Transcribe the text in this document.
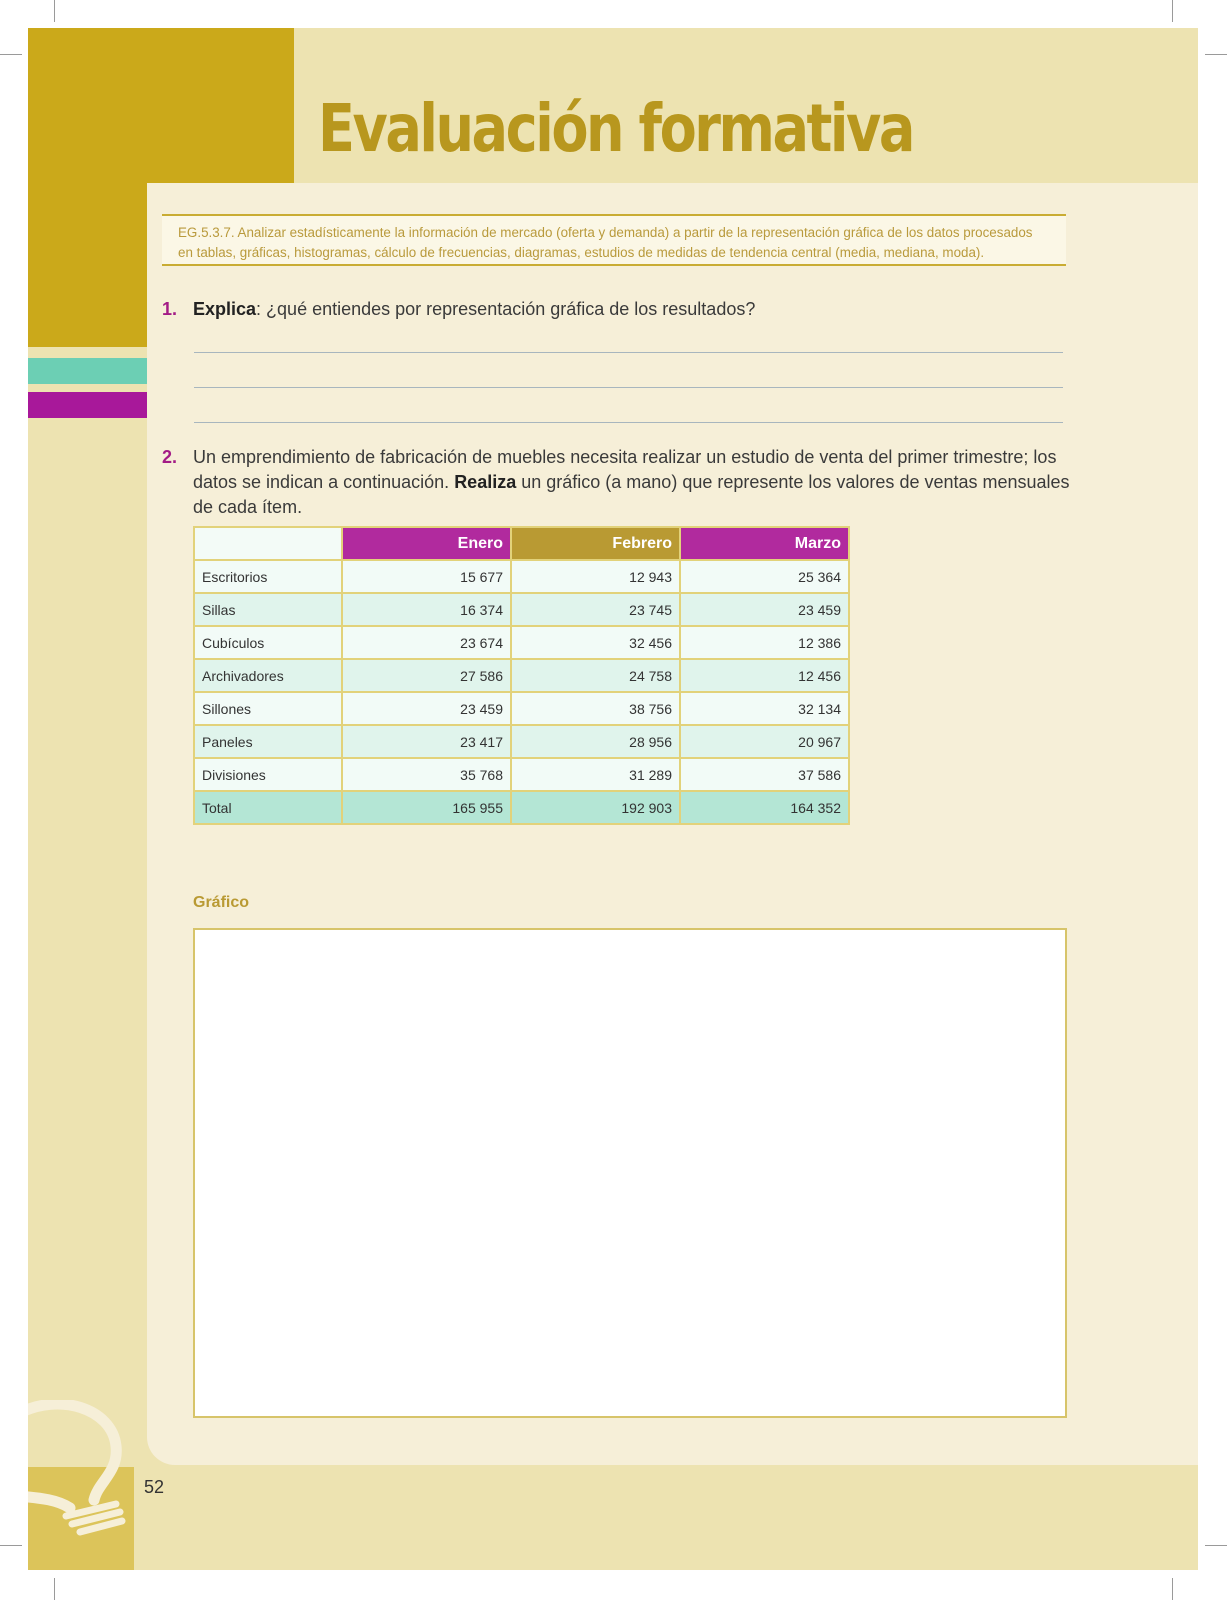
Evaluación formativa
EG.5.3.7. Analizar estadísticamente la información de mercado (oferta y demanda) a partir de la representación gráfica de los datos procesados en tablas, gráficas, histogramas, cálculo de frecuencias, diagramas, estudios de medidas de tendencia central (media, mediana, moda).
1. Explica: ¿qué entiendes por representación gráfica de los resultados?
2. Un emprendimiento de fabricación de muebles necesita realizar un estudio de venta del primer trimestre; los datos se indican a continuación. Realiza un gráfico (a mano) que represente los valores de ventas mensuales de cada ítem.
	Enero	Febrero	Marzo
Escritorios	15 677	12 943	25 364
Sillas	16 374	23 745	23 459
Cubículos	23 674	32 456	12 386
Archivadores	27 586	24 758	12 456
Sillones	23 459	38 756	32 134
Paneles	23 417	28 956	20 967
Divisiones	35 768	31 289	37 586
Total	165 955	192 903	164 352
Gráfico
52
